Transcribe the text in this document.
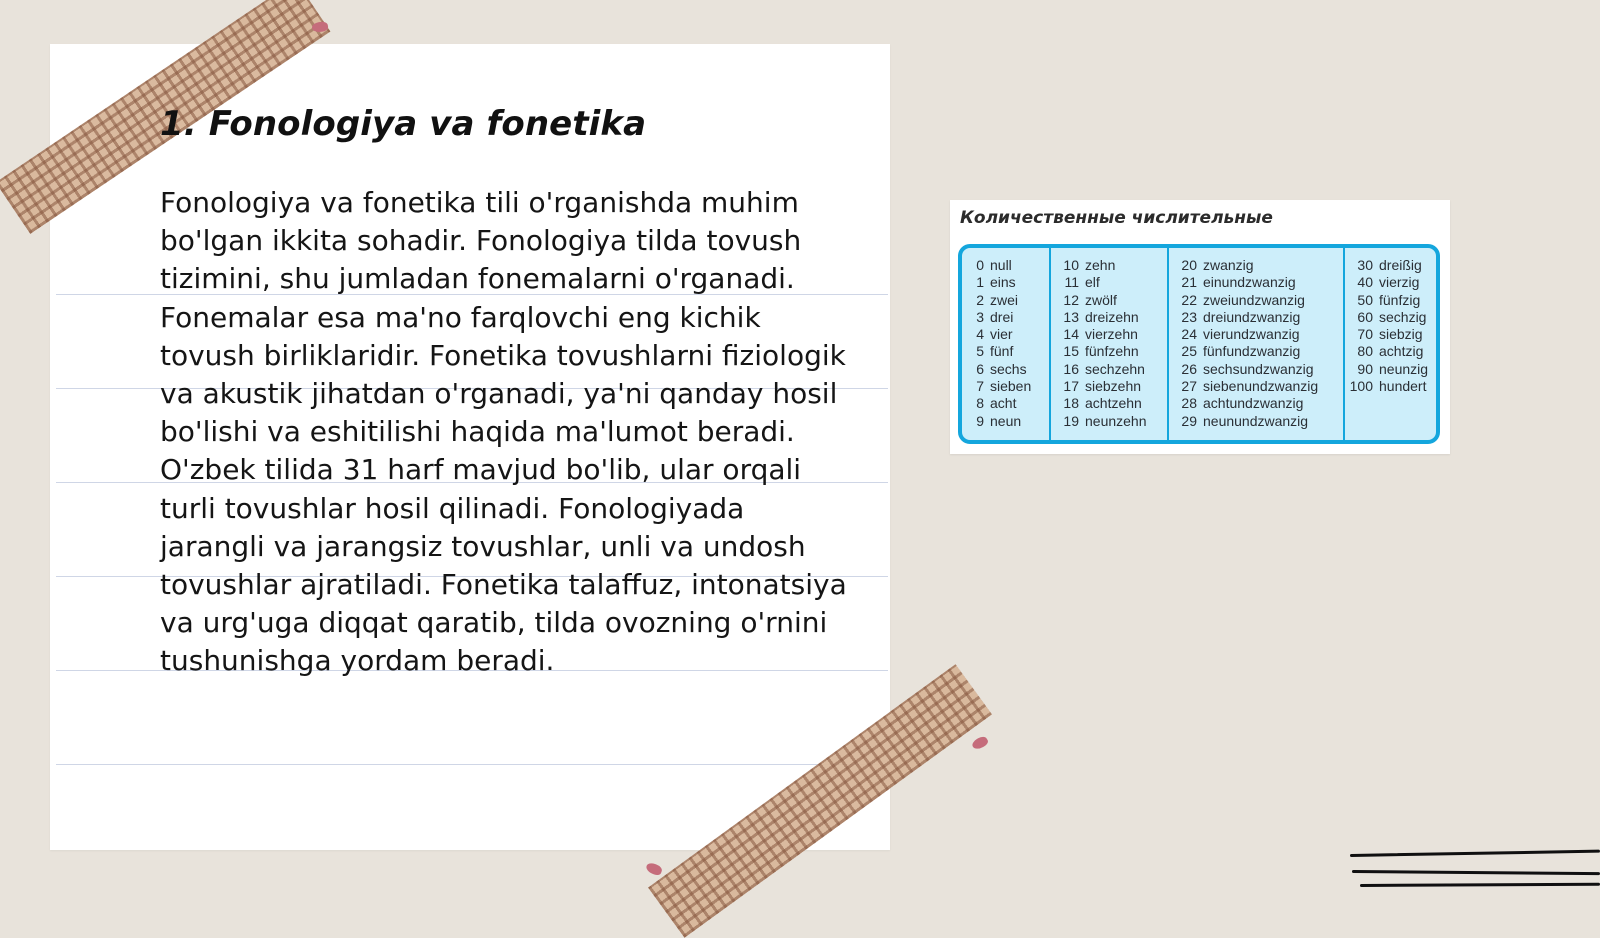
1. Fonologiya va fonetika

Fonologiya va fonetika tili o'rganishda muhim bo'lgan ikkita sohadir. Fonologiya tilda tovush tizimini, shu jumladan fonemalarni o'rganadi. Fonemalar esa ma'no farqlovchi eng kichik tovush birliklaridir. Fonetika tovushlarni fiziologik va akustik jihatdan o'rganadi, ya'ni qanday hosil bo'lishi va eshitilishi haqida ma'lumot beradi. O'zbek tilida 31 harf mavjud bo'lib, ular orqali turli tovushlar hosil qilinadi. Fonologiyada jarangli va jarangsiz tovushlar, unli va undosh tovushlar ajratiladi. Fonetika talaffuz, intonatsiya va urg'uga diqqat qaratib, tilda ovozning o'rnini tushunishga yordam beradi.

Количественные числительные
0 null
1 eins
2 zwei
3 drei
4 vier
5 fünf
6 sechs
7 sieben
8 acht
9 neun
10 zehn
11 elf
12 zwölf
13 dreizehn
14 vierzehn
15 fünfzehn
16 sechzehn
17 siebzehn
18 achtzehn
19 neunzehn
20 zwanzig
21 einundzwanzig
22 zweiundzwanzig
23 dreiundzwanzig
24 vierundzwanzig
25 fünfundzwanzig
26 sechsundzwanzig
27 siebenundzwanzig
28 achtundzwanzig
29 neunundzwanzig
30 dreißig
40 vierzig
50 fünfzig
60 sechzig
70 siebzig
80 achtzig
90 neunzig
100 hundert
